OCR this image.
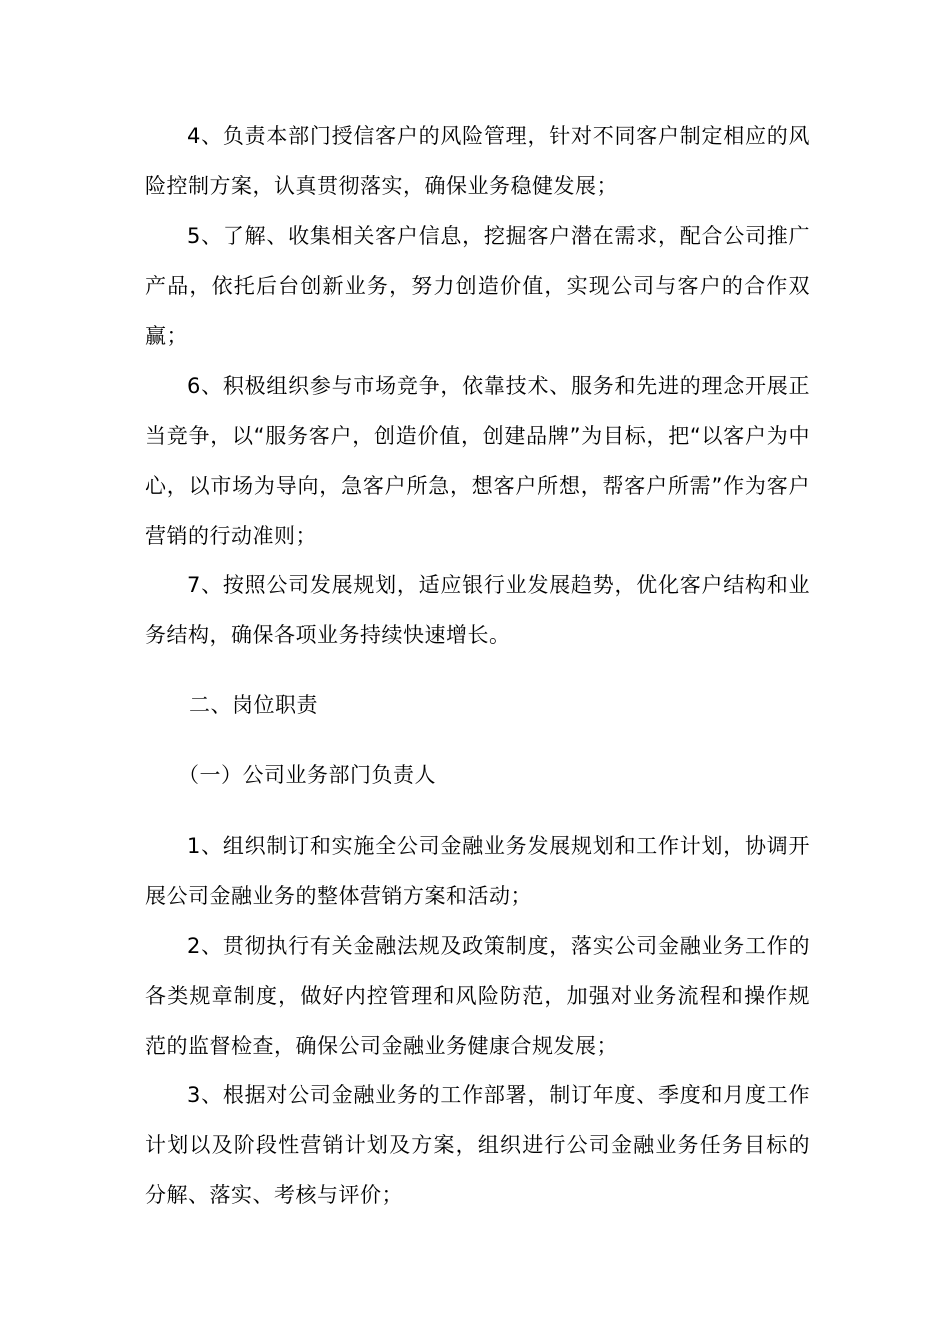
4、负责本部门授信客户的风险管理，针对不同客户制定相应的风险控制方案，认真贯彻落实，确保业务稳健发展；

5、了解、收集相关客户信息，挖掘客户潜在需求，配合公司推广产品，依托后台创新业务，努力创造价值，实现公司与客户的合作双赢；

6、积极组织参与市场竞争，依靠技术、服务和先进的理念开展正当竞争，以“服务客户，创造价值，创建品牌”为目标，把“以客户为中心，以市场为导向，急客户所急，想客户所想，帮客户所需”作为客户营销的行动准则；

7、按照公司发展规划，适应银行业发展趋势，优化客户结构和业务结构，确保各项业务持续快速增长。

二、岗位职责

（一）公司业务部门负责人

1、组织制订和实施全公司金融业务发展规划和工作计划，协调开展公司金融业务的整体营销方案和活动；

2、贯彻执行有关金融法规及政策制度，落实公司金融业务工作的各类规章制度，做好内控管理和风险防范，加强对业务流程和操作规范的监督检查，确保公司金融业务健康合规发展；

3、根据对公司金融业务的工作部署，制订年度、季度和月度工作计划以及阶段性营销计划及方案，组织进行公司金融业务任务目标的分解、落实、考核与评价；
